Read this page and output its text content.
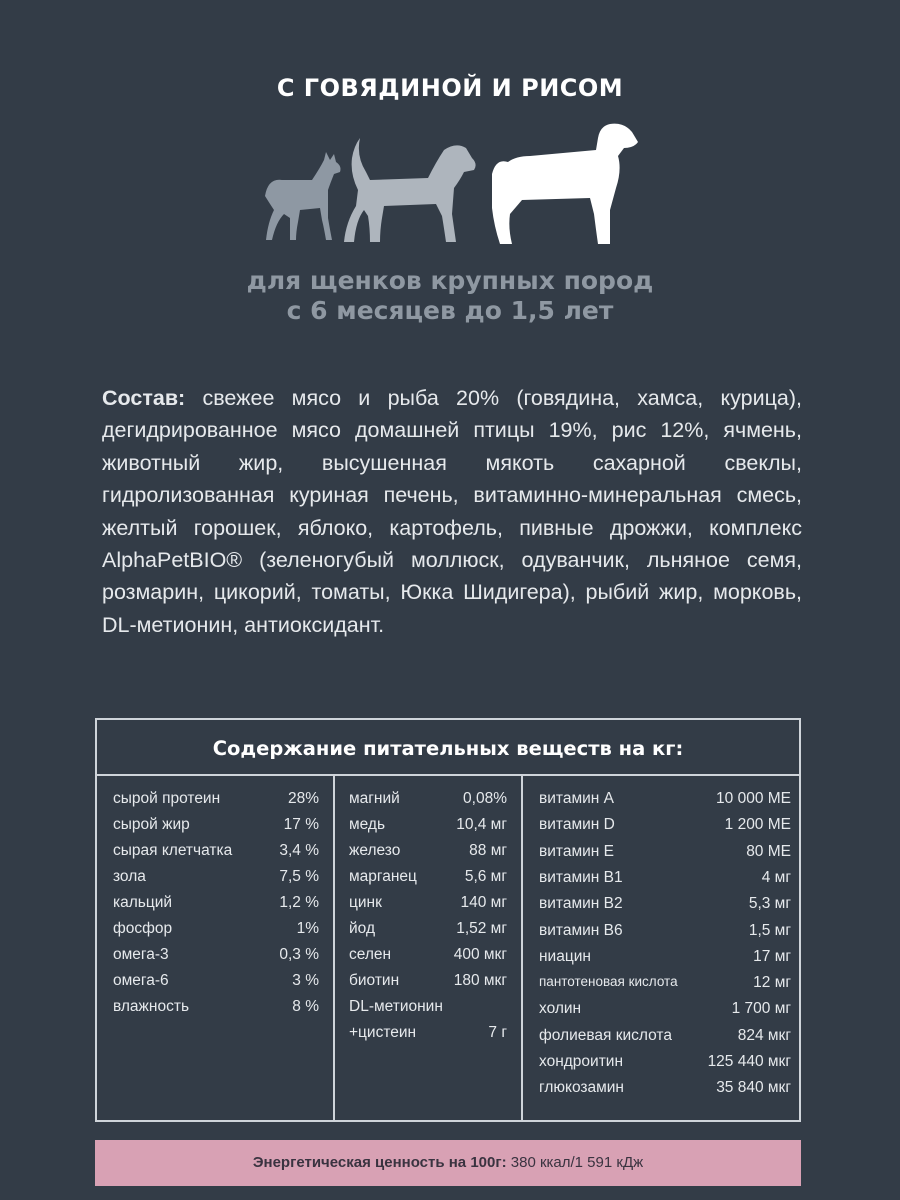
С ГОВЯДИНОЙ И РИСОМ
для щенков крупных пород
с 6 месяцев до 1,5 лет
Состав: свежее мясо и рыба 20% (говядина, хамса, курица), дегидрированное мясо домашней птицы 19%, рис 12%, ячмень, животный жир, высушенная мякоть сахарной свеклы, гидролизованная куриная печень, витаминно-минеральная смесь, желтый горошек, яблоко, картофель, пивные дрожжи, комплекс AlphaPetBIO® (зеленогубый моллюск, одуванчик, льняное семя, розмарин, цикорий, томаты, Юкка Шидигера), рыбий жир, морковь, DL-метионин, антиоксидант.
Содержание питательных веществ на кг:
сырой протеин	28%
сырой жир	17 %
сырая клетчатка	3,4 %
зола	7,5 %
кальций	1,2 %
фосфор	1%
омега-3	0,3 %
омега-6	3 %
влажность	8 %
магний	0,08%
медь	10,4 мг
железо	88 мг
марганец	5,6 мг
цинк	140 мг
йод	1,52 мг
селен	400 мкг
биотин	180 мкг
DL-метионин
+цистеин	7 г
витамин А	10 000 МЕ
витамин D	1 200 МЕ
витамин Е	80 МЕ
витамин B1	4 мг
витамин B2	5,3 мг
витамин B6	1,5 мг
ниацин	17 мг
пантотеновая кислота	12 мг
холин	1 700 мг
фолиевая кислота	824 мкг
хондроитин	125 440 мкг
глюкозамин	35 840 мкг
Энергетическая ценность на 100г: 380 ккал/1 591 кДж
